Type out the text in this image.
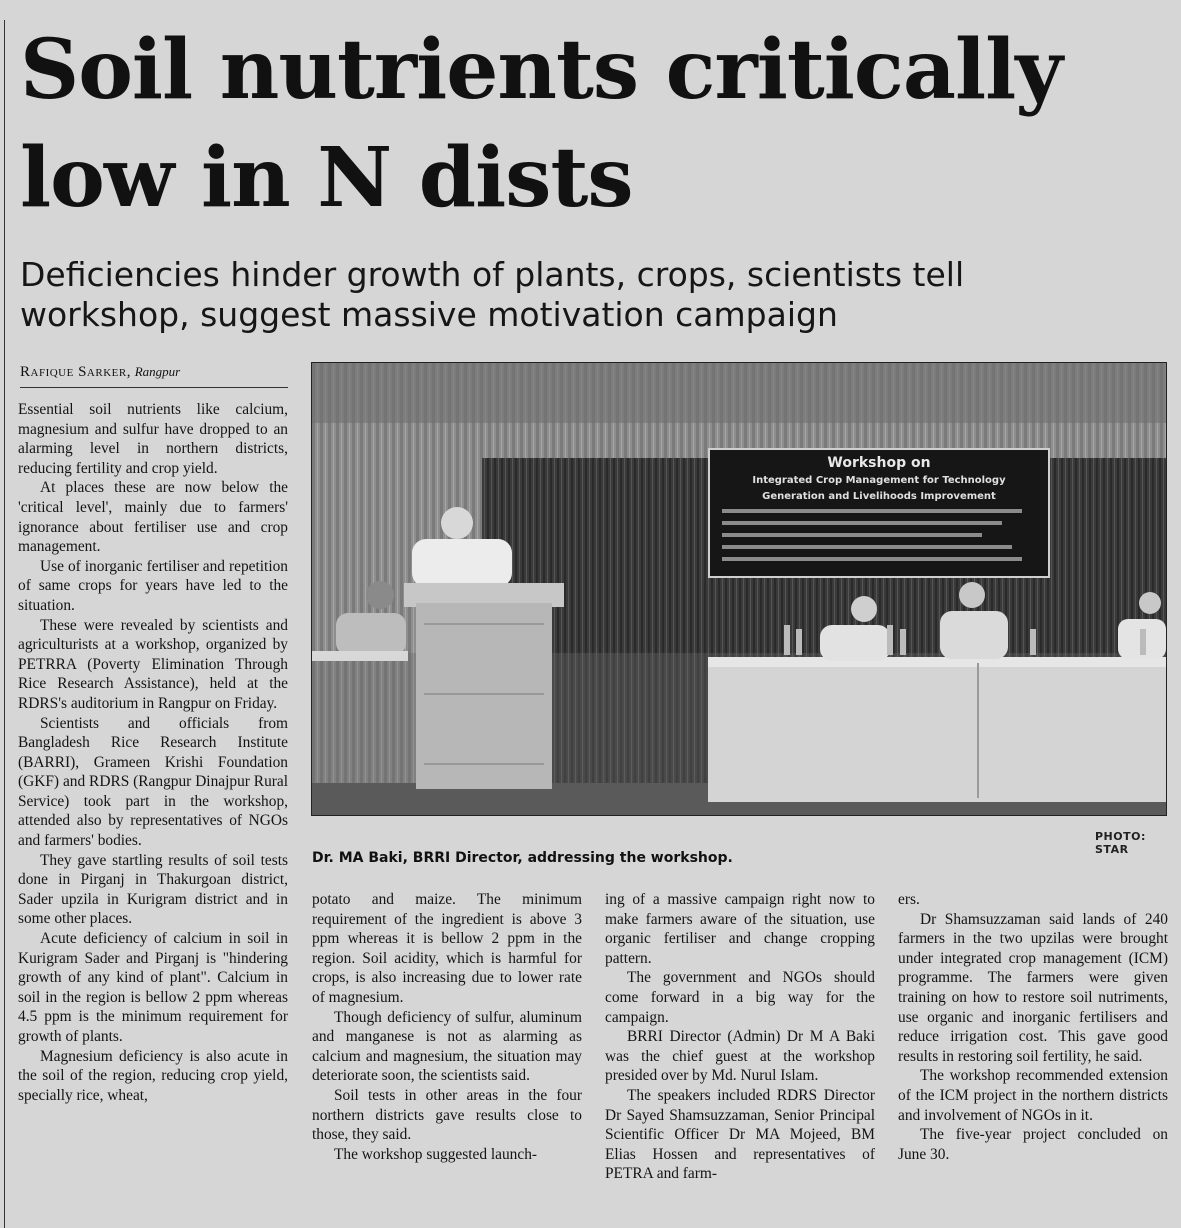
Soil nutrients critically
low in N dists
Deficiencies hinder growth of plants, crops, scientists tell
workshop, suggest massive motivation campaign
Rafique Sarker, Rangpur

Essential soil nutrients like calcium, magnesium and sulfur have dropped to an alarming level in northern districts, reducing fertility and crop yield.

At places these are now below the 'critical level', mainly due to farmers' ignorance about fertiliser use and crop management.

Use of inorganic fertiliser and repetition of same crops for years have led to the situation.

These were revealed by scientists and agriculturists at a workshop, organized by PETRRA (Poverty Elimination Through Rice Research Assistance), held at the RDRS's auditorium in Rangpur on Friday.

Scientists and officials from Bangladesh Rice Research Institute (BARRI), Grameen Krishi Foundation (GKF) and RDRS (Rangpur Dinajpur Rural Service) took part in the workshop, attended also by representatives of NGOs and farmers' bodies.

They gave startling results of soil tests done in Pirganj in Thakurgoan district, Sader upzila in Kurigram district and in some other places.

Acute deficiency of calcium in soil in Kurigram Sader and Pirganj is "hindering growth of any kind of plant". Calcium in soil in the region is bellow 2 ppm whereas 4.5 ppm is the minimum requirement for growth of plants.

Magnesium deficiency is also acute in the soil of the region, reducing crop yield, specially rice, wheat,

Workshop on
Integrated Crop Management for Technology
Generation and Livelihoods Improvement
PHOTO: STAR
Dr. MA Baki, BRRI Director, addressing the workshop.

potato and maize. The minimum requirement of the ingredient is above 3 ppm whereas it is bellow 2 ppm in the region. Soil acidity, which is harmful for crops, is also increasing due to lower rate of magnesium.

Though deficiency of sulfur, aluminum and manganese is not as alarming as calcium and magnesium, the situation may deteriorate soon, the scientists said.

Soil tests in other areas in the four northern districts gave results close to those, they said.

The workshop suggested launch-

ing of a massive campaign right now to make farmers aware of the situation, use organic fertiliser and change cropping pattern.

The government and NGOs should come forward in a big way for the campaign.

BRRI Director (Admin) Dr M A Baki was the chief guest at the workshop presided over by Md. Nurul Islam.

The speakers included RDRS Director Dr Sayed Shamsuzzaman, Senior Principal Scientific Officer Dr MA Mojeed, BM Elias Hossen and representatives of PETRA and farm-

ers.

Dr Shamsuzzaman said lands of 240 farmers in the two upzilas were brought under integrated crop management (ICM) programme. The farmers were given training on how to restore soil nutriments, use organic and inorganic fertilisers and reduce irrigation cost. This gave good results in restoring soil fertility, he said.

The workshop recommended extension of the ICM project in the northern districts and involvement of NGOs in it.

The five-year project concluded on June 30.
